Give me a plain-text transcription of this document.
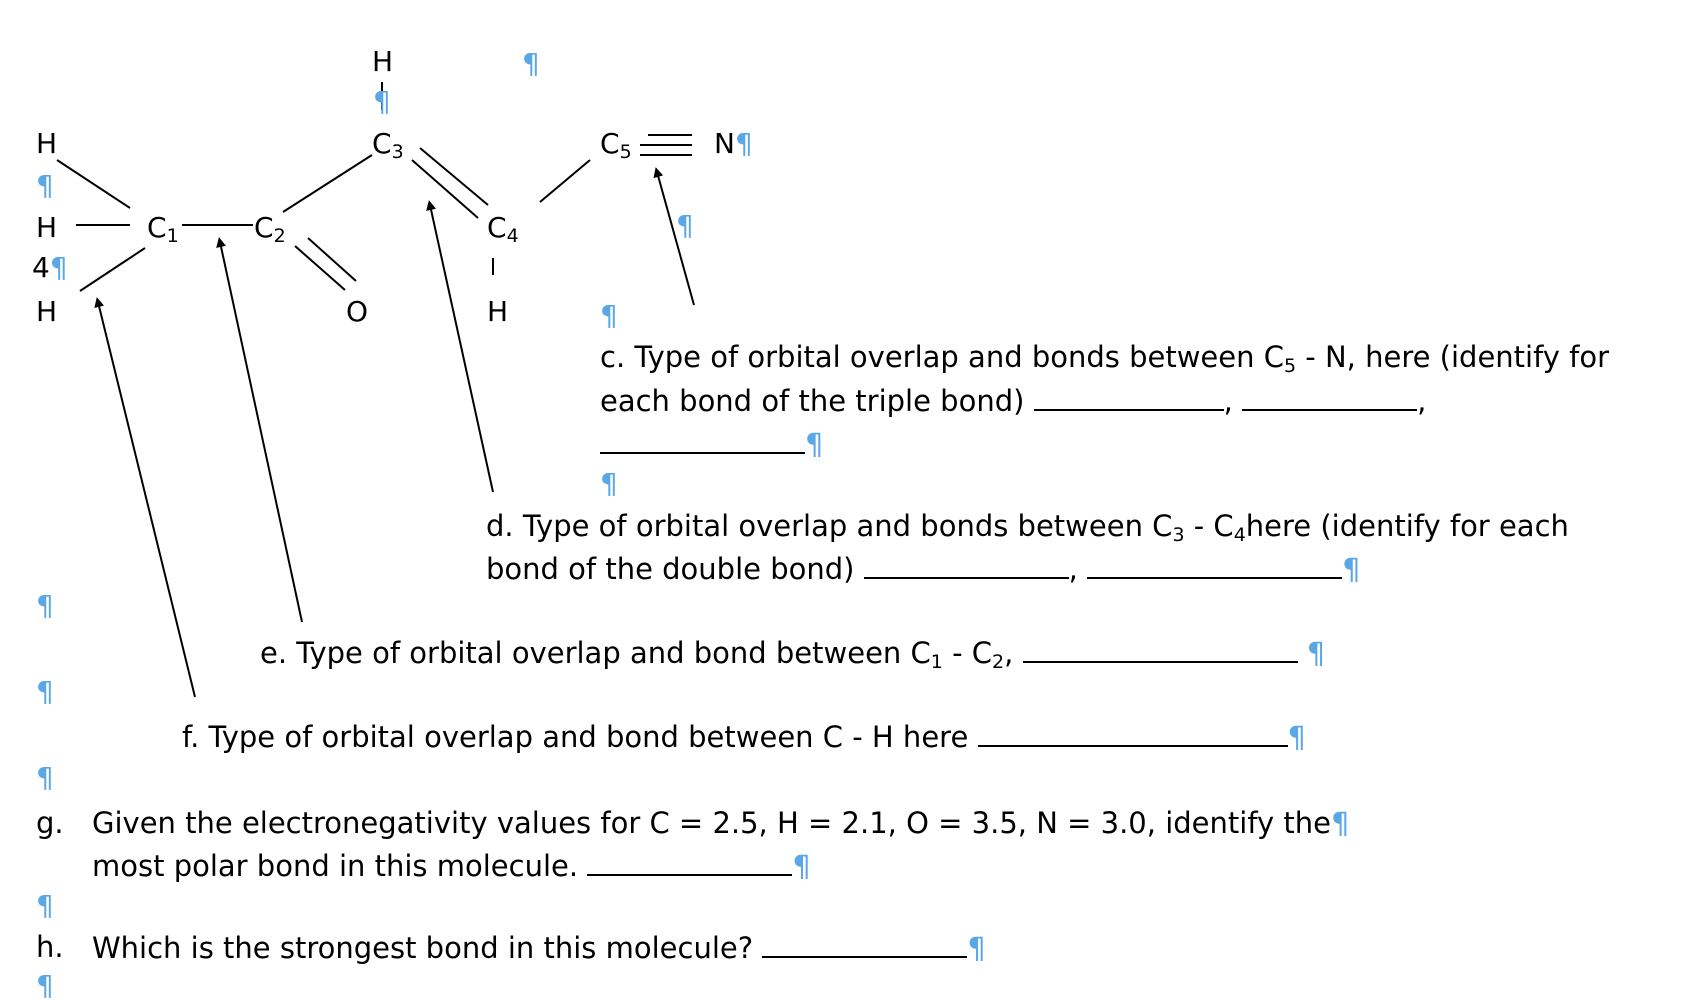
H
¶
$C_3$
¶
H
¶
H
4¶
H
$C_1$	$C_2$
O
$C_4$
H
$C_5$	N¶
¶
¶
c. Type of orbital overlap and bonds between $C_5$ - N, here (identify for
each bond of the triple bond)	,	,
¶
¶
d. Type of orbital overlap and bonds between $C_3$ - $C_4here$ (identify for each
bond of the double bond)	,	¶
¶
e. Type of orbital overlap and bond between $C_1 - C_2$,	¶
¶
f. Type of orbital overlap and bond between C - H here	¶
¶
g. Given the electronegativity values for C = 2.5, H = 2.1, O = 3.5, N = 3.0, identify the¶
most polar bond in this molecule.	¶
¶
h. Which is the strongest bond in this molecule?	¶
¶
